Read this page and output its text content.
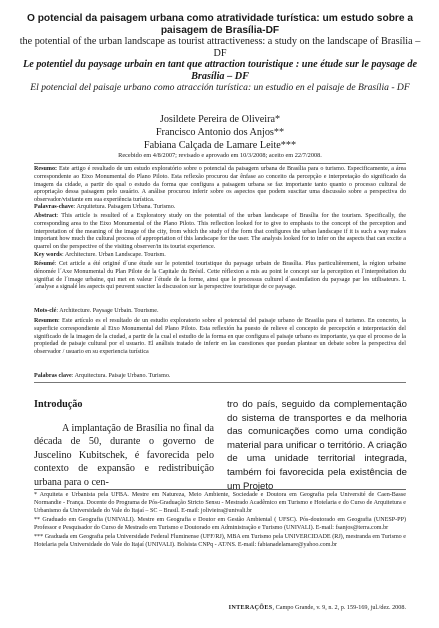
O potencial da paisagem urbana como atratividade turística: um estudo sobre a paisagem de Brasília-DF
the potential of the urban landscape as tourist attractiveness: a study on the landscape of Brasília – DF
Le potentiel du paysage urbain en tant que attraction touristique : une étude sur le paysage de Brasília – DF
El potencial del paisaje urbano como atracción turística: un estudio en el paisaje de Brasília - DF
Josildete Pereira de Oliveira*
Francisco Antonio dos Anjos**
Fabiana Calçada de Lamare Leite***
Recebido em 4/8/2007; revisado e aprovado em 10/3/2008; aceito em 22/7/2008.
Resumo: Este artigo é resultado de um estudo exploratório sobre o potencial da paisagem urbana de Brasília para o turismo. Especificamente, a área correspondente ao Eixo Monumental do Plano Piloto. Esta reflexão procurou dar ênfase ao conceito da percepção e interpretação do significado da imagem da cidade, a partir do qual o estudo da forma que configura a paisagem urbana se faz importante tanto quanto o processo cultural de apropriação dessa paisagem pelo usuário. A análise procurou inferir sobre os aspectos que podem suscitar uma discussão sobre a perspectiva do observador/visitante em sua experiência turística.
Palavras-chave: Arquitetura. Paisagem Urbana. Turismo.
Abstract: This article is resulted of a Exploratory study on the potential of the urban landscape of Brasília for the tourism. Specifically, the corresponding area to the Eixo Monumental of the Plano Piloto. This reflection looked for to give to emphasis to the concept of the perception and interpretation of the meaning of the image of the city, from which the study of the form that configures the urban landscape if it is such a way makes important how much the cultural process of appropriation of this landscape for the user. The analysis looked for to infer on the aspects that can excite a quarrel on the perspective of the visiting observer/in its tourist experience.
Key words: Architecture. Urban Landscape. Tourism.
Résumé: Cet article a été originé d´une étude sur le potentiel touristique du paysage urbain de Brasília. Plus particulièrement, la région urbaine dénomée l´Axe Monumental du Plan Pilote de la Capitale du Brésil. Cette réflexion a mis au point le concept sur la perception et l´interprétation du signifiat de l´image urbaine, qui met en valeur l´étude de la forme, ainsi que le processus culturel d´assimilation du paysage par les utilisateurs. L´analyse a signalé les aspects qui peuvent susciter la discussion sur la perspective touristique de ce paysage.
Mots-clé: Architecture. Paysage Urbain. Tourisme.
Resumen: Este artículo es el resultado de un estudio exploratorio sobre el potencial del paisaje urbano de Brasilia para el turismo. En concreto, la superficie correspondiente al Eixo Monumental del Plano Piloto. Esta reflexión ha puesto de relieve el concepto de percepción e interpretación del significado de la imagen de la ciudad, a partir de la cual el estudio de la forma en que configura el paisaje urbano es importante, ya que el proceso de la propiedad de paisaje cultural por el usuario. El análisis tratado de inferir en las cuestiones que puedan plantear un debate sobre la perspectiva del observador / usuario en su experiencia turística
Palabras clave: Arquitectura. Paisaje Urbano. Turismo.
Introdução

A implantação de Brasília no final da década de 50, durante o governo de Juscelino Kubitschek, é favorecida pelo contexto de expansão e redistribuição urbana para o cen-

tro do país, seguido da complementação do sistema de transportes e da melhoria das comunicações como uma condição material para unificar o território. A criação de uma unidade territorial integrada, também foi favorecida pela existência de um Projeto

* Arquiteta e Urbanista pela UFBA. Mestre em Natureza, Meio Ambiente, Sociedade e Doutora em Geografia pela Université de Caen-Basse Normandie - França. Docente do Programa de Pós-Graduação Stricto Sensu - Mestrado Acadêmico em Turismo e Hotelaria e do Curso de Arquitetura e Urbanismo da Universidade do Vale do Itajaí – SC – Brasil. E-mail: jolivieira@univali.br

** Graduado em Geografia (UNIVALI). Mestre em Geografia e Doutor em Gestão Ambiental ( UFSC). Pós-doutorado em Geografia (UNESP-PP) Professor e Pesquisador do Curso de Mestrado em Turismo e Doutorado em Administração e Turismo (UNIVALI). E-mail: fsanjos@terra.com.br

*** Graduada em Geografia pela Universidade Federal Fluminense (UFF/RJ), MBA em Turismo pela UNIVERCIDADE (RJ), mestranda em Turismo e Hotelaria pela Universidade do Vale do Itajaí (UNIVALI). Bolsista CNPq - AT/NS. E-mail: fabianadelamare@yahoo.com.br

INTERAÇÕES, Campo Grande, v. 9, n. 2, p. 159-169, jul./dez. 2008.
